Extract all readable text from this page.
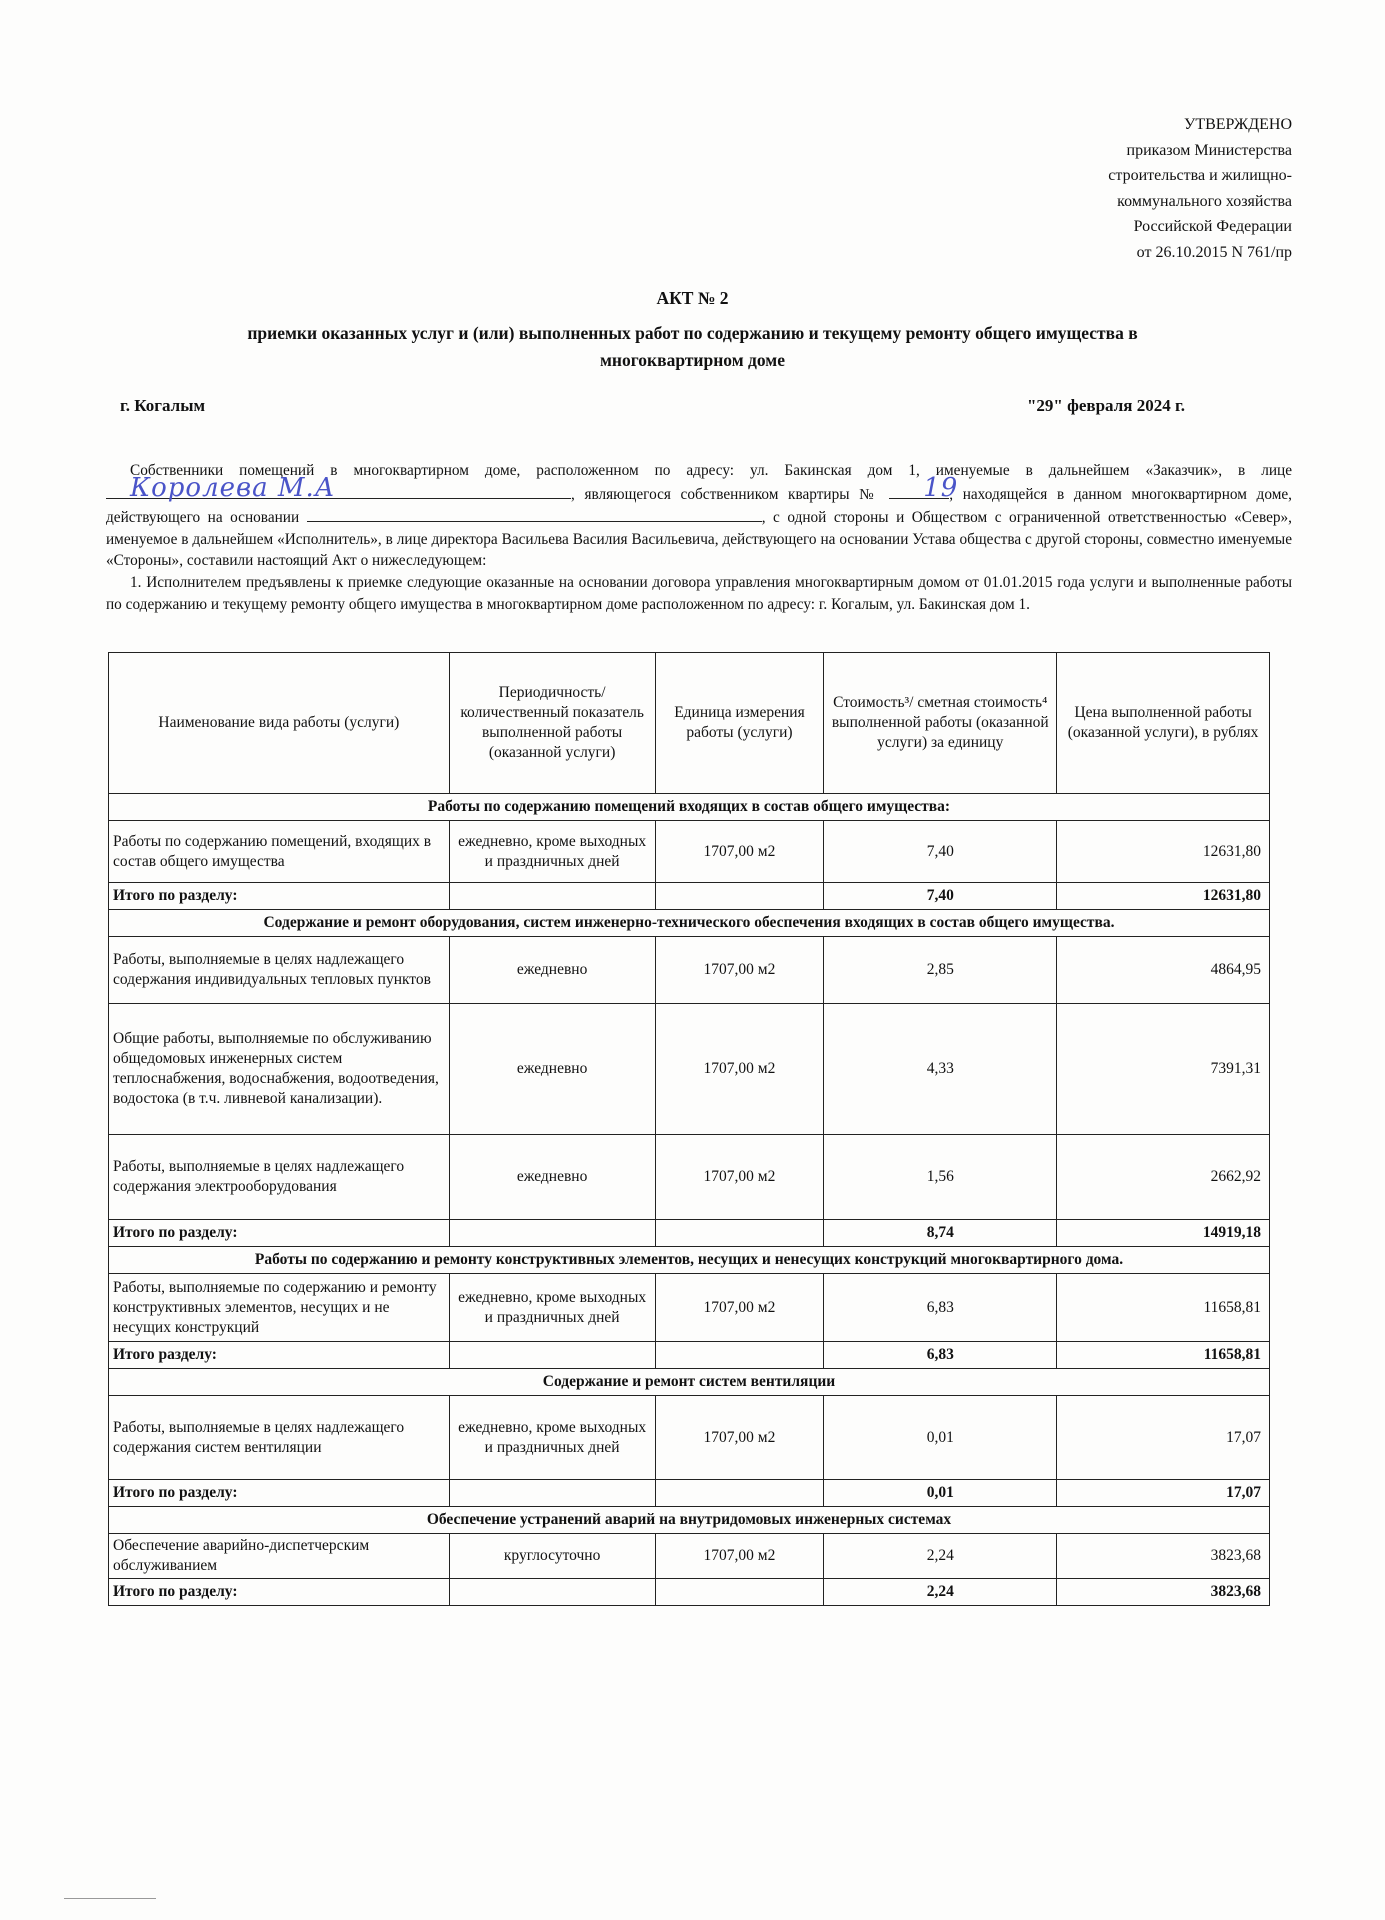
УТВЕРЖДЕНО
приказом Министерства
строительства и жилищно-
коммунального хозяйства
Российской Федерации
от 26.10.2015 N 761/пр
АКТ № 2
приемки оказанных услуг и (или) выполненных работ по содержанию и текущему ремонту общего имущества в многоквартирном доме
г. Когалым	"29" февраля 2024 г.

Собственники помещений в многоквартирном доме, расположенном по адресу: ул. Бакинская дом 1, именуемые в дальнейшем «Заказчик», в лице
Королева М.А	, являющегося собственником квартиры №	19
, находящейся в данном многоквартирном доме, действующего на основании	, с одной стороны и Обществом с ограниченной ответственностью «Север», именуемое в дальнейшем «Исполнитель», в лице директора Васильева Василия Васильевича, действующего на основании Устава общества с другой стороны, совместно именуемые «Стороны», составили настоящий Акт о нижеследующем:

1. Исполнителем предъявлены к приемке следующие оказанные на основании договора управления многоквартирным домом от 01.01.2015 года услуги и выполненные работы по содержанию и текущему ремонту общего имущества в многоквартирном доме расположенном по адресу: г. Когалым, ул. Бакинская дом 1.

Наименование вида работы (услуги)	Периодичность/ количественный показатель выполненной работы (оказанной услуги)	Единица измерения работы (услуги)	Стоимость³/ сметная стоимость⁴ выполненной работы (оказанной услуги) за единицу	Цена выполненной работы (оказанной услуги), в рублях
Работы по содержанию помещений входящих в состав общего имущества:				
Работы по содержанию помещений, входящих в состав общего имущества	ежедневно, кроме выходных и праздничных дней	1707,00 м2	7,40	12631,80
Итого по разделу:			7,40	12631,80
Содержание и ремонт оборудования, систем инженерно-технического обеспечения входящих в состав общего имущества.				
Работы, выполняемые в целях надлежащего содержания индивидуальных тепловых пунктов	ежедневно	1707,00 м2	2,85	4864,95
Общие работы, выполняемые по обслуживанию общедомовых инженерных систем теплоснабжения, водоснабжения, водоотведения, водостока (в т.ч. ливневой канализации).	ежедневно	1707,00 м2	4,33	7391,31
Работы, выполняемые в целях надлежащего содержания электрооборудования	ежедневно	1707,00 м2	1,56	2662,92
Итого по разделу:			8,74	14919,18
Работы по содержанию и ремонту конструктивных элементов, несущих и ненесущих конструкций многоквартирного дома.				
Работы, выполняемые по содержанию и ремонту конструктивных элементов, несущих и не несущих конструкций	ежедневно, кроме выходных и праздничных дней	1707,00 м2	6,83	11658,81
Итого разделу:			6,83	11658,81
Содержание и ремонт систем вентиляции				
Работы, выполняемые в целях надлежащего содержания систем вентиляции	ежедневно, кроме выходных и праздничных дней	1707,00 м2	0,01	17,07
Итого по разделу:			0,01	17,07
Обеспечение устранений аварий на внутридомовых инженерных системах				
Обеспечение аварийно-диспетчерским обслуживанием	круглосуточно	1707,00 м2	2,24	3823,68
Итого по разделу:			2,24	3823,68
